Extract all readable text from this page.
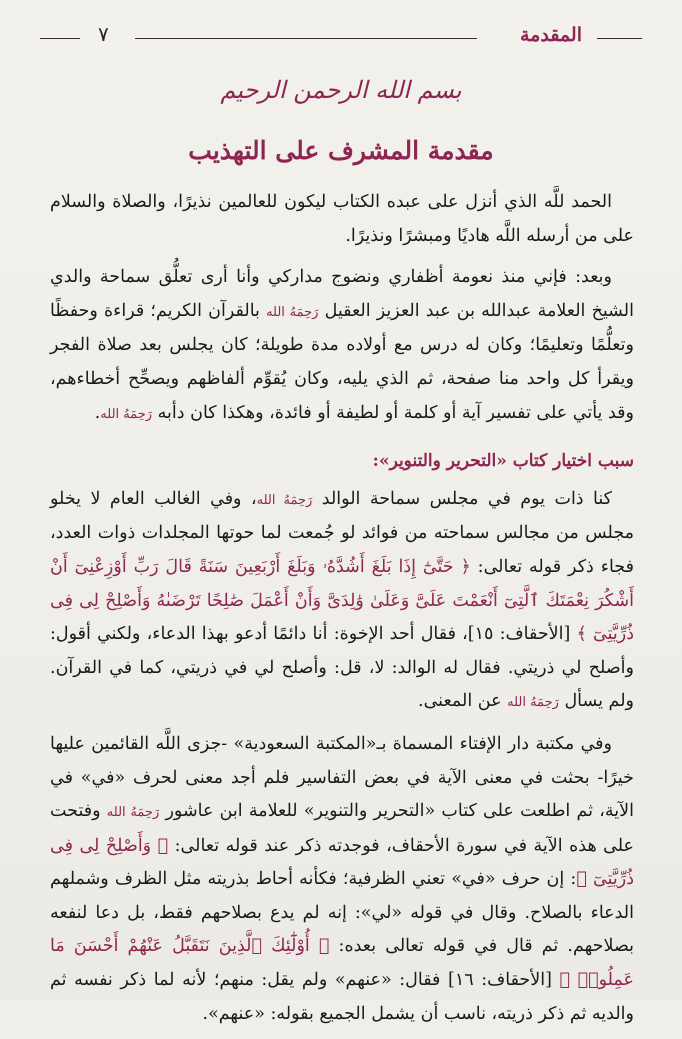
٧	المقدمة
بسم الله الرحمن الرحيم
مقدمة المشرف على التهذيب

الحمد للَّه الذي أنزل على عبده الكتاب ليكون للعالمين نذيرًا، والصلاة والسلام على من أرسله اللَّه هاديًا ومبشرًا ونذيرًا.

وبعد: فإني منذ نعومة أظفاري ونضوج مداركي وأنا أرى تعلُّق سماحة والدي الشيخ العلامة عبدالله بن عبد العزيز العقيل رَحِمَهُ الله بالقرآن الكريم؛ قراءة وحفظًا وتعلُّمًا وتعليمًا؛ وكان له درس مع أولاده مدة طويلة؛ كان يجلس بعد صلاة الفجر ويقرأ كل واحد منا صفحة، ثم الذي يليه، وكان يُقوِّم ألفاظهم ويصحِّح أخطاءهم، وقد يأتي على تفسير آية أو كلمة أو لطيفة أو فائدة، وهكذا كان دأبه رَحِمَهُ الله.

سبب اختيار كتاب «التحرير والتنوير»:

كنا ذات يوم في مجلس سماحة الوالد رَحِمَهُ الله، وفي الغالب العام لا يخلو مجلس من مجالس سماحته من فوائد لو جُمعت لما حوتها المجلدات ذوات العدد، فجاء ذكر قوله تعالى: ﴿ حَتَّىٰٓ إِذَا بَلَغَ أَشُدَّهُۥ وَبَلَغَ أَرْبَعِينَ سَنَةً قَالَ رَبِّ أَوْزِعْنِىٓ أَنْ أَشْكُرَ نِعْمَتَكَ ٱلَّتِىٓ أَنْعَمْتَ عَلَىَّ وَعَلَىٰ وَٰلِدَىَّ وَأَنْ أَعْمَلَ صَٰلِحًا تَرْضَىٰهُ وَأَصْلِحْ لِى فِى ذُرِّيَّتِىٓ ﴾ [الأحقاف: ١٥]، فقال أحد الإخوة: أنا دائمًا أدعو بهذا الدعاء، ولكني أقول: وأصلح لي ذريتي. فقال له الوالد: لا، قل: وأصلح لي في ذريتي، كما في القرآن. ولم يسأل رَحِمَهُ الله عن المعنى.

وفي مكتبة دار الإفتاء المسماة بـ«المكتبة السعودية» -جزى اللَّه القائمين عليها خيرًا- بحثت في معنى الآية في بعض التفاسير فلم أجد معنى لحرف «في» في الآية، ثم اطلعت على كتاب «التحرير والتنوير» للعلامة ابن عاشور رَحِمَهُ الله وفتحت على هذه الآية في سورة الأحقاف، فوجدته ذكر عند قوله تعالى: ﴿ وَأَصْلِحْ لِى فِى ذُرِّيَّتِىٓ ﴾: إن حرف «في» تعني الظرفية؛ فكأنه أحاط بذريته مثل الظرف وشملهم الدعاء بالصلاح. وقال في قوله «لي»: إنه لم يدع بصلاحهم فقط، بل دعا لنفعه بصلاحهم. ثم قال في قوله تعالى بعده: ﴿ أُوْلَٰٓئِكَ ٱلَّذِينَ نَتَقَبَّلُ عَنْهُمْ أَحْسَنَ مَا عَمِلُوا۟ ﴾ [الأحقاف: ١٦] فقال: «عنهم» ولم يقل: منهم؛ لأنه لما ذكر نفسه ثم والديه ثم ذكر ذريته، ناسب أن يشمل الجميع بقوله: «عنهم».
